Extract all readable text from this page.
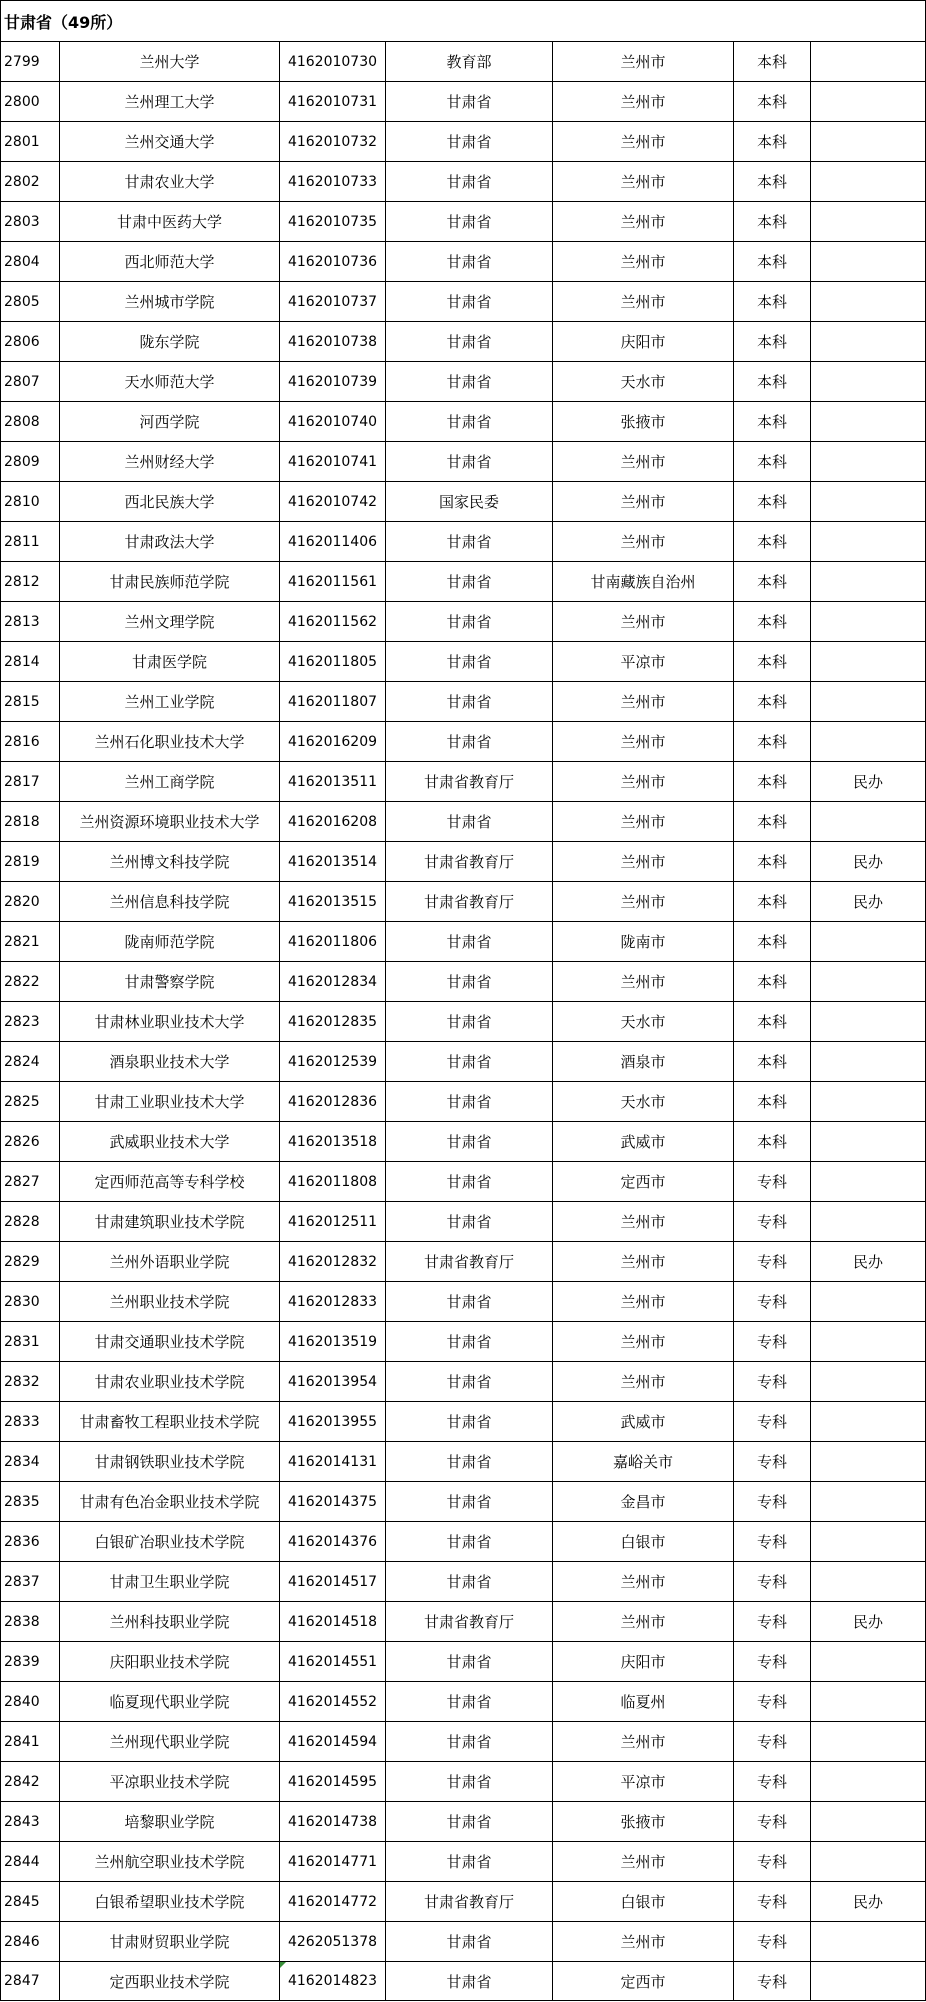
甘肃省（49所）						
2799	兰州大学	4162010730	教育部	兰州市	本科	
2800	兰州理工大学	4162010731	甘肃省	兰州市	本科	
2801	兰州交通大学	4162010732	甘肃省	兰州市	本科	
2802	甘肃农业大学	4162010733	甘肃省	兰州市	本科	
2803	甘肃中医药大学	4162010735	甘肃省	兰州市	本科	
2804	西北师范大学	4162010736	甘肃省	兰州市	本科	
2805	兰州城市学院	4162010737	甘肃省	兰州市	本科	
2806	陇东学院	4162010738	甘肃省	庆阳市	本科	
2807	天水师范大学	4162010739	甘肃省	天水市	本科	
2808	河西学院	4162010740	甘肃省	张掖市	本科	
2809	兰州财经大学	4162010741	甘肃省	兰州市	本科	
2810	西北民族大学	4162010742	国家民委	兰州市	本科	
2811	甘肃政法大学	4162011406	甘肃省	兰州市	本科	
2812	甘肃民族师范学院	4162011561	甘肃省	甘南藏族自治州	本科	
2813	兰州文理学院	4162011562	甘肃省	兰州市	本科	
2814	甘肃医学院	4162011805	甘肃省	平凉市	本科	
2815	兰州工业学院	4162011807	甘肃省	兰州市	本科	
2816	兰州石化职业技术大学	4162016209	甘肃省	兰州市	本科	
2817	兰州工商学院	4162013511	甘肃省教育厅	兰州市	本科	民办
2818	兰州资源环境职业技术大学	4162016208	甘肃省	兰州市	本科	
2819	兰州博文科技学院	4162013514	甘肃省教育厅	兰州市	本科	民办
2820	兰州信息科技学院	4162013515	甘肃省教育厅	兰州市	本科	民办
2821	陇南师范学院	4162011806	甘肃省	陇南市	本科	
2822	甘肃警察学院	4162012834	甘肃省	兰州市	本科	
2823	甘肃林业职业技术大学	4162012835	甘肃省	天水市	本科	
2824	酒泉职业技术大学	4162012539	甘肃省	酒泉市	本科	
2825	甘肃工业职业技术大学	4162012836	甘肃省	天水市	本科	
2826	武威职业技术大学	4162013518	甘肃省	武威市	本科	
2827	定西师范高等专科学校	4162011808	甘肃省	定西市	专科	
2828	甘肃建筑职业技术学院	4162012511	甘肃省	兰州市	专科	
2829	兰州外语职业学院	4162012832	甘肃省教育厅	兰州市	专科	民办
2830	兰州职业技术学院	4162012833	甘肃省	兰州市	专科	
2831	甘肃交通职业技术学院	4162013519	甘肃省	兰州市	专科	
2832	甘肃农业职业技术学院	4162013954	甘肃省	兰州市	专科	
2833	甘肃畜牧工程职业技术学院	4162013955	甘肃省	武威市	专科	
2834	甘肃钢铁职业技术学院	4162014131	甘肃省	嘉峪关市	专科	
2835	甘肃有色冶金职业技术学院	4162014375	甘肃省	金昌市	专科	
2836	白银矿冶职业技术学院	4162014376	甘肃省	白银市	专科	
2837	甘肃卫生职业学院	4162014517	甘肃省	兰州市	专科	
2838	兰州科技职业学院	4162014518	甘肃省教育厅	兰州市	专科	民办
2839	庆阳职业技术学院	4162014551	甘肃省	庆阳市	专科	
2840	临夏现代职业学院	4162014552	甘肃省	临夏州	专科	
2841	兰州现代职业学院	4162014594	甘肃省	兰州市	专科	
2842	平凉职业技术学院	4162014595	甘肃省	平凉市	专科	
2843	培黎职业学院	4162014738	甘肃省	张掖市	专科	
2844	兰州航空职业技术学院	4162014771	甘肃省	兰州市	专科	
2845	白银希望职业技术学院	4162014772	甘肃省教育厅	白银市	专科	民办
2846	甘肃财贸职业学院	4262051378	甘肃省	兰州市	专科	
2847	定西职业技术学院	4162014823	甘肃省	定西市	专科	
